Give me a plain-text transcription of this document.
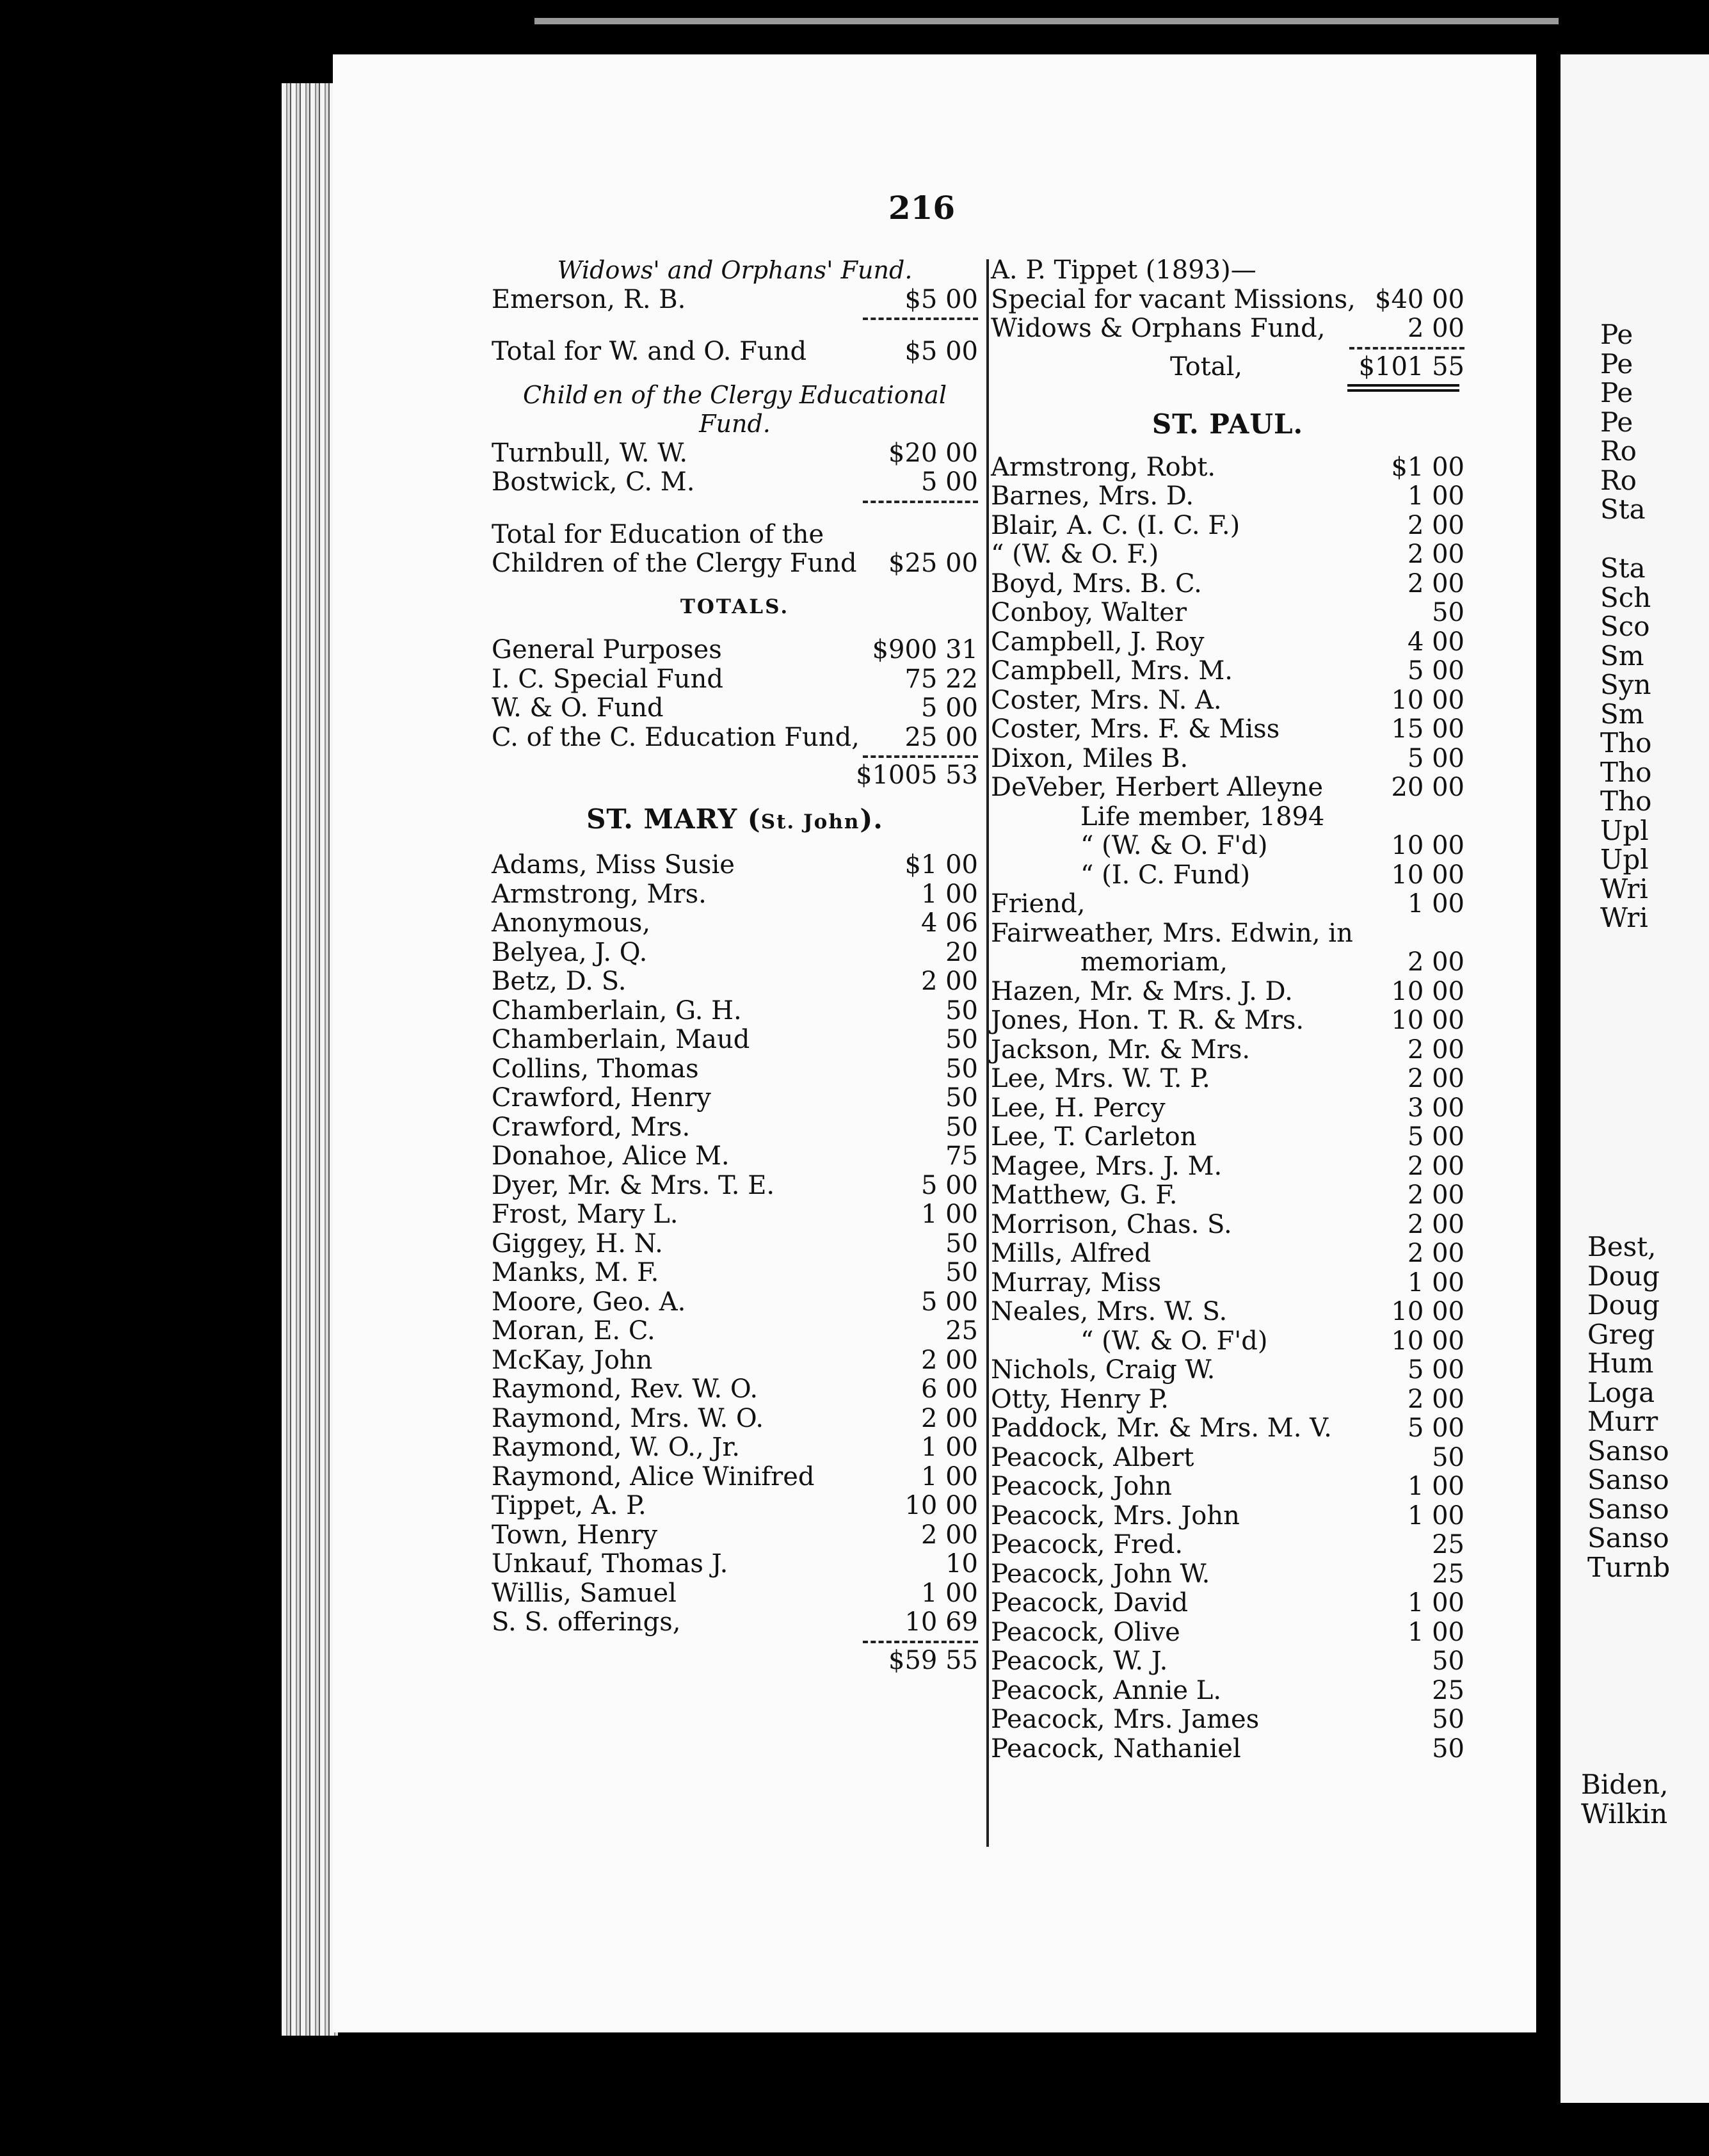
Pe
Pe
Pe
Pe
Ro
Ro
Sta
Sta
Sch
Sco
Sm
Syn
Sm
Tho
Tho
Tho
Upl
Upl
Wri
Wri
Best,
Doug
Doug
Greg
Hum
Loga
Murr
Sanso
Sanso
Sanso
Sanso
Turnb
Biden,
Wilkin
216
Widows' and Orphans' Fund.
Emerson, R. B.	$5 00
Total for W. and O. Fund	$5 00
Child en of the Clergy Educational
Fund.
Turnbull, W. W.	$20 00
Bostwick, C. M.	5 00
Total for Education of the
Children of the Clergy Fund $25 00
TOTALS.
General Purposes	$900 31
I. C. Special Fund	75 22
W. & O. Fund	5 00
C. of the C. Education Fund, 25 00
$1005 53
ST. MARY (St. John).
Adams, Miss Susie	$1 00
Armstrong, Mrs.	1 00
Anonymous,	4 06
Belyea, J. Q.	20
Betz, D. S.	2 00
Chamberlain, G. H.	50
Chamberlain, Maud	50
Collins, Thomas	50
Crawford, Henry	50
Crawford, Mrs.	50
Donahoe, Alice M.	75
Dyer, Mr. & Mrs. T. E.	5 00
Frost, Mary L.	1 00
Giggey, H. N.	50
Manks, M. F.	50
Moore, Geo. A.	5 00
Moran, E. C.	25
McKay, John	2 00
Raymond, Rev. W. O.	6 00
Raymond, Mrs. W. O.	2 00
Raymond, W. O., Jr.	1 00
Raymond, Alice Winifred	1 00
Tippet, A. P.	10 00
Town, Henry	2 00
Unkauf, Thomas J.	10
Willis, Samuel	1 00
S. S. offerings,	10 69
$59 55
A. P. Tippet (1893)—
Special for vacant Missions, $40 00
Widows & Orphans Fund,	2 00
Total,	$101 55
ST. PAUL.
Armstrong, Robt.	$1 00
Barnes, Mrs. D.	1 00
Blair, A. C. (I. C. F.)	2 00
“ (W. & O. F.)	2 00
Boyd, Mrs. B. C.	2 00
Conboy, Walter	50
Campbell, J. Roy	4 00
Campbell, Mrs. M.	5 00
Coster, Mrs. N. A.	10 00
Coster, Mrs. F. & Miss	15 00
Dixon, Miles B.	5 00
DeVeber, Herbert Alleyne	20 00
Life member, 1894
“ (W. & O. F'd)	10 00
“ (I. C. Fund)	10 00
Friend,	1 00
Fairweather, Mrs. Edwin, in
memoriam,	2 00
Hazen, Mr. & Mrs. J. D.	10 00
Jones, Hon. T. R. & Mrs.	10 00
Jackson, Mr. & Mrs.	2 00
Lee, Mrs. W. T. P.	2 00
Lee, H. Percy	3 00
Lee, T. Carleton	5 00
Magee, Mrs. J. M.	2 00
Matthew, G. F.	2 00
Morrison, Chas. S.	2 00
Mills, Alfred	2 00
Murray, Miss	1 00
Neales, Mrs. W. S.	10 00
“ (W. & O. F'd)	10 00
Nichols, Craig W.	5 00
Otty, Henry P.	2 00
Paddock, Mr. & Mrs. M. V.	5 00
Peacock, Albert	50
Peacock, John	1 00
Peacock, Mrs. John	1 00
Peacock, Fred.	25
Peacock, John W.	25
Peacock, David	1 00
Peacock, Olive	1 00
Peacock, W. J.	50
Peacock, Annie L.	25
Peacock, Mrs. James	50
Peacock, Nathaniel	50
